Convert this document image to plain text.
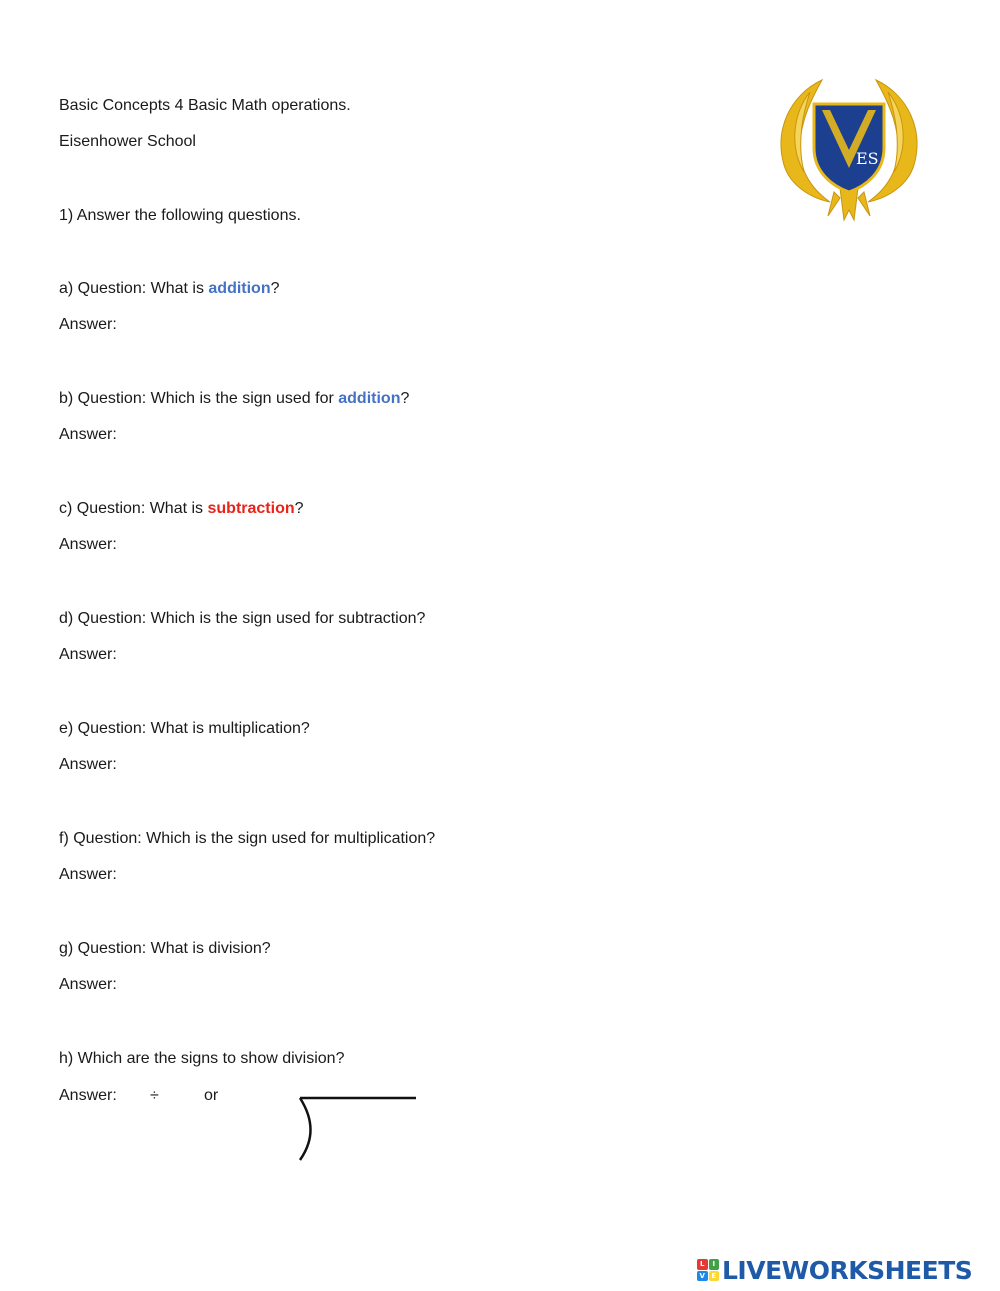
Basic Concepts 4 Basic Math operations.
Eisenhower School
ES
1) Answer the following questions.
a) Question: What is addition?
Answer:
b) Question: Which is the sign used for addition?
Answer:
c) Question: What is subtraction?
Answer:
d) Question: Which is the sign used for subtraction?
Answer:
e) Question: What is multiplication?
Answer:
f) Question: Which is the sign used for multiplication?
Answer:
g) Question: What is division?
Answer:
h) Which are the signs to show division?
Answer: ÷	or
L	I
V E LIVEWORKSHEETS
